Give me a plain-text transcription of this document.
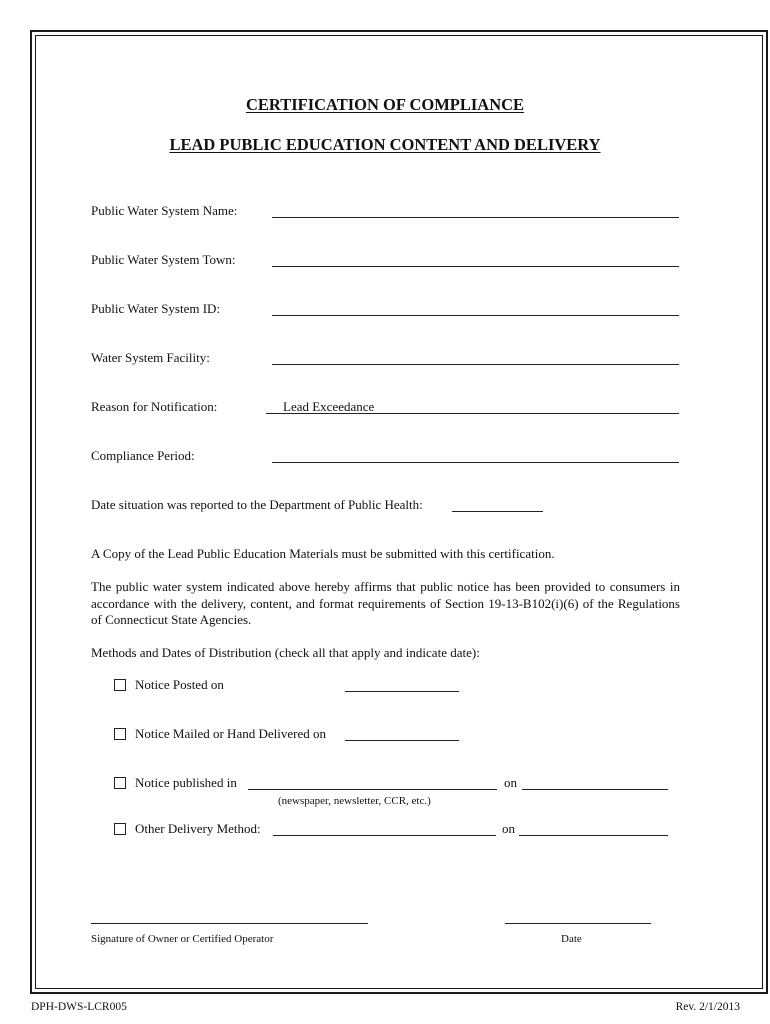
CERTIFICATION OF COMPLIANCE
LEAD PUBLIC EDUCATION CONTENT AND DELIVERY
Public Water System Name:
Public Water System Town:
Public Water System ID:
Water System Facility:
Reason for Notification:	Lead Exceedance
Compliance Period:
Date situation was reported to the Department of Public Health:
A Copy of the Lead Public Education Materials must be submitted with this certification.
The public water system indicated above hereby affirms that public notice has been provided to consumers in accordance with the delivery, content, and format requirements of Section 19-13-B102(i)(6) of the Regulations of Connecticut State Agencies.
Methods and Dates of Distribution (check all that apply and indicate date):
Notice Posted on
Notice Mailed or Hand Delivered on
Notice published in	on
(newspaper, newsletter, CCR, etc.)
Other Delivery Method:	on
Signature of Owner or Certified Operator	Date
DPH-DWS-LCR005	Rev. 2/1/2013
